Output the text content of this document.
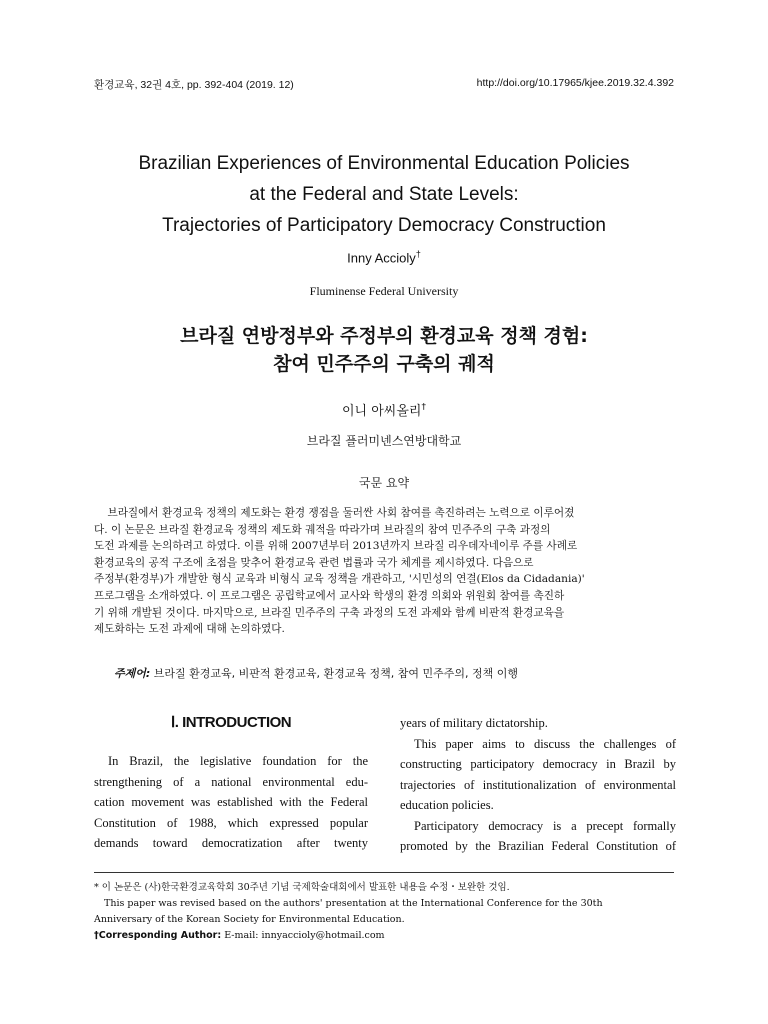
환경교육, 32권 4호, pp. 392-404 (2019. 12)	http://doi.org/10.17965/kjee.2019.32.4.392
Brazilian Experiences of Environmental Education Policies
at the Federal and State Levels:
Trajectories of Participatory Democracy Construction
Inny Accioly†
Fluminense Federal University
브라질 연방정부와 주정부의 환경교육 정책 경험:
참여 민주주의 구축의 궤적
이니 아씨올리†
브라질 플러미넨스연방대학교
국문 요약
브라질에서 환경교육 정책의 제도화는 환경 쟁점을 둘러싼 사회 참여를 촉진하려는 노력으로 이루어졌
다. 이 논문은 브라질 환경교육 정책의 제도화 궤적을 따라가며 브라질의 참여 민주주의 구축 과정의
도전 과제를 논의하려고 하였다. 이를 위해 2007년부터 2013년까지 브라질 리우데자네이루 주를 사례로
환경교육의 공적 구조에 초점을 맞추어 환경교육 관련 법률과 국가 체계를 제시하였다. 다음으로
주정부(환경부)가 개발한 형식 교육과 비형식 교육 정책을 개관하고, '시민성의 연결(Elos da Cidadania)'
프로그램을 소개하였다. 이 프로그램은 공립학교에서 교사와 학생의 환경 의회와 위원회 참여를 촉진하
기 위해 개발된 것이다. 마지막으로, 브라질 민주주의 구축 과정의 도전 과제와 함께 비판적 환경교육을
제도화하는 도전 과제에 대해 논의하였다.
주제어: 브라질 환경교육, 비판적 환경교육, 환경교육 정책, 참여 민주주의, 정책 이행
Ⅰ. INTRODUCTION
In Brazil, the legislative foundation for the
strengthening of a national environmental edu-
cation movement was established with the Federal
Constitution of 1988, which expressed popular
demands toward democratization after twenty
years of military dictatorship.
This paper aims to discuss the challenges of
constructing participatory democracy in Brazil by
trajectories of institutionalization of environmental
education policies.
Participatory democracy is a precept formally
promoted by the Brazilian Federal Constitution of
* 이 논문은 (사)한국환경교육학회 30주년 기념 국제학술대회에서 발표한 내용을 수정・보완한 것임.
This paper was revised based on the authors' presentation at the International Conference for the 30th
Anniversary of the Korean Society for Environmental Education.
†Corresponding Author: E-mail: innyaccioly@hotmail.com
